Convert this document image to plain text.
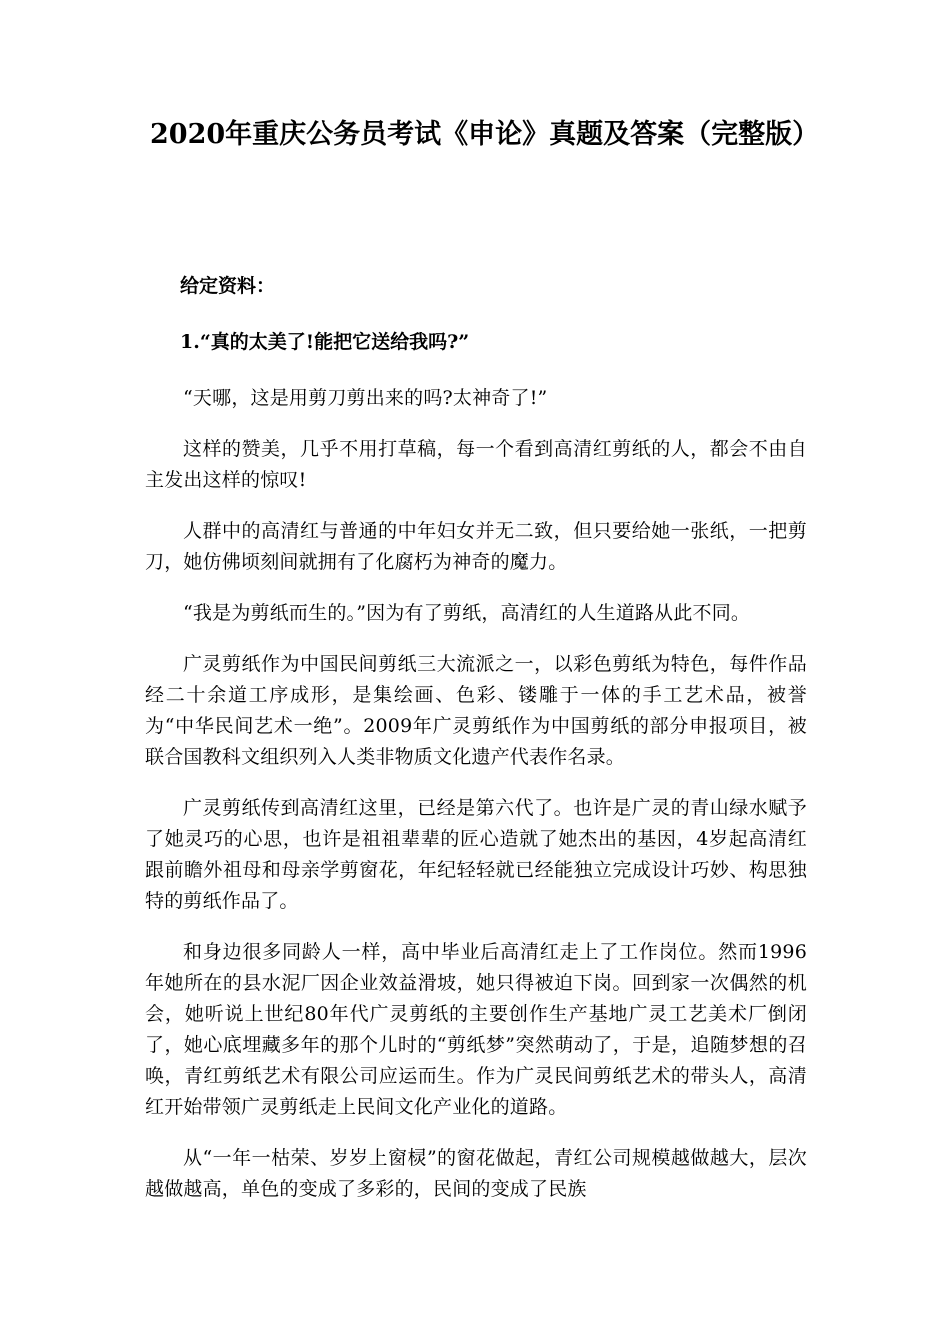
2020年重庆公务员考试《申论》真题及答案（完整版）

给定资料：

1.“真的太美了!能把它送给我吗?”

“天哪，这是用剪刀剪出来的吗?太神奇了!”

这样的赞美，几乎不用打草稿，每一个看到高清红剪纸的人，都会不由自主发出这样的惊叹!

人群中的高清红与普通的中年妇女并无二致，但只要给她一张纸，一把剪刀，她仿佛顷刻间就拥有了化腐朽为神奇的魔力。

“我是为剪纸而生的。”因为有了剪纸，高清红的人生道路从此不同。

广灵剪纸作为中国民间剪纸三大流派之一，以彩色剪纸为特色，每件作品经二十余道工序成形，是集绘画、色彩、镂雕于一体的手工艺术品，被誉为“中华民间艺术一绝”。2009年广灵剪纸作为中国剪纸的部分申报项目，被联合国教科文组织列入人类非物质文化遗产代表作名录。

广灵剪纸传到高清红这里，已经是第六代了。也许是广灵的青山绿水赋予了她灵巧的心思，也许是祖祖辈辈的匠心造就了她杰出的基因，4岁起高清红跟前瞻外祖母和母亲学剪窗花，年纪轻轻就已经能独立完成设计巧妙、构思独特的剪纸作品了。

和身边很多同龄人一样，高中毕业后高清红走上了工作岗位。然而1996年她所在的县水泥厂因企业效益滑坡，她只得被迫下岗。回到家一次偶然的机会，她听说上世纪80年代广灵剪纸的主要创作生产基地广灵工艺美术厂倒闭了，她心底埋藏多年的那个儿时的“剪纸梦”突然萌动了，于是，追随梦想的召唤，青红剪纸艺术有限公司应运而生。作为广灵民间剪纸艺术的带头人，高清红开始带领广灵剪纸走上民间文化产业化的道路。

从“一年一枯荣、岁岁上窗棂”的窗花做起，青红公司规模越做越大，层次越做越高，单色的变成了多彩的，民间的变成了民族
